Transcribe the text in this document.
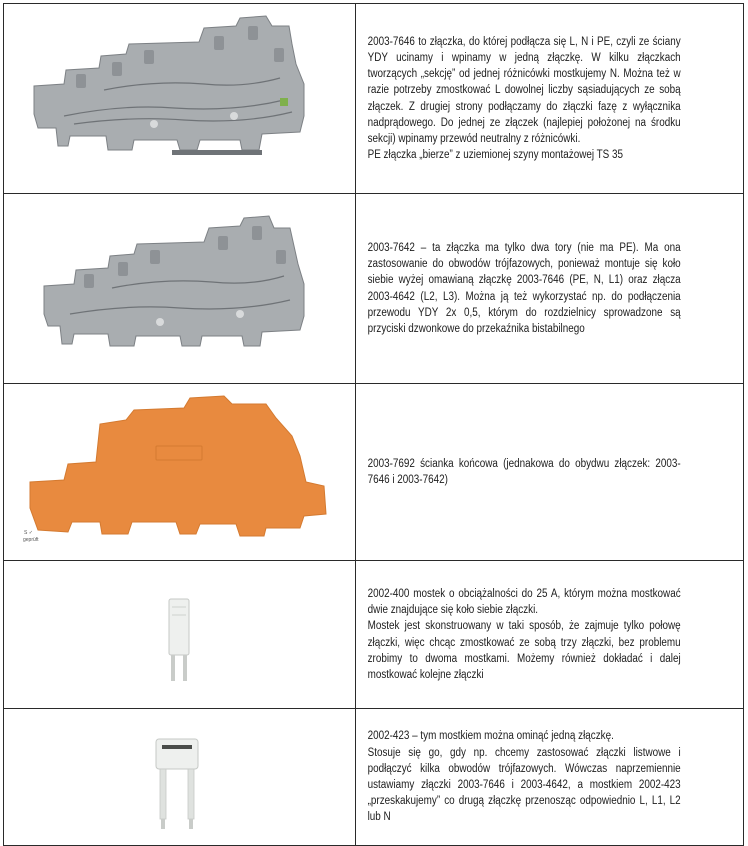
2003-7646 to złączka, do której podłącza się L, N i PE, czyli ze ściany YDY ucinamy i wpinamy w jedną złączkę. W kilku złączkach tworzących „sekcję” od jednej różnicówki mostkujemy N. Można też w razie potrzeby zmostkować L dowolnej liczby sąsiadujących ze sobą złączek. Z drugiej strony podłączamy do złączki fazę z wyłącznika nadprądowego. Do jednej ze złączek (najlepiej położonej na środku sekcji) wpinamy przewód neutralny z różnicówki.

PE złączka „bierze” z uziemionej szyny montażowej TS 35

2003-7642 – ta złączka ma tylko dwa tory (nie ma PE). Ma ona zastosowanie do obwodów trójfazowych, ponieważ montuje się koło siebie wyżej omawianą złączkę 2003-7646 (PE, N, L1) oraz złącza 2003-4642 (L2, L3). Można ją też wykorzystać np. do podłączenia przewodu YDY 2x 0,5, którym do rozdzielnicy sprowadzone są przyciski dzwonkowe do przekaźnika bistabilnego

S ✓
geprüft	2003-7692 ścianka końcowa (jednakowa do obydwu złączek: 2003-7646 i 2003-7642)

2002-400 mostek o obciążalności do 25 A, którym można mostkować dwie znajdujące się koło siebie złączki.

Mostek jest skonstruowany w taki sposób, że zajmuje tylko połowę złączki, więc chcąc zmostkować ze sobą trzy złączki, bez problemu zrobimy to dwoma mostkami. Możemy również dokładać i dalej mostkować kolejne złączki

2002-423 – tym mostkiem można ominąć jedną złączkę.

Stosuje się go, gdy np. chcemy zastosować złączki listwowe i podłączyć kilka obwodów trójfazowych. Wówczas naprzemiennie ustawiamy złączki 2003-7646 i 2003-4642, a mostkiem 2002-423 „przeskakujemy” co drugą złączkę przenosząc odpowiednio L, L1, L2 lub N
